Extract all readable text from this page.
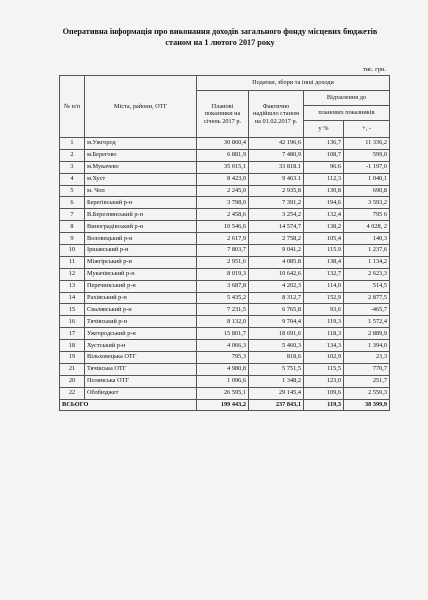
Оперативна інформація про виконання доходів загального фонду місцевих бюджетів станом на 1 лютого 2017 року
тис. грн.
№ п/п	Міста, райони, ОТГ	Податки, збори та інші доходи			
		Планові показники на січень 2017 р.	Фактично надійшло станом на 01.02.2017 р.	Відхилення до	
				планових показників	
				у %	+, -
1	м.Ужгород	30 860,4	42 196,6	136,7	11 336,2
2	м.Берегово	6 881,9	7 480,9	108,7	599,0
3	м.Мукачево	35 015,1	33 818.1	96.6	-1 197,0
4	м.Хуст	8 423,0	9 463.1	112,3	1 040,1
5	м. Чоп	2 245,0	2 935,8	130,8	690,8
6	Берегівський р-н	3 798,0	7 391,2	194,6	3 593,2
7	В.Березнянський р-н	2 458,6	3 254,2	132,4	795 6
8	Виноградівський р-н	10 546,6	14 574,7	138,2	4 028, 2
9	Воловецький р-н	2 617,9	2 758,2	105,4	140,3
10	Іршавський р-н	7 803,7	9 041,2	115.9	1 237,6
11	Міжгірський р-н	2 951,6	4 085.8	138,4	1 134,2
12	Мукачівський р-н	8 019,3	10 642,6	132,7	2 623,3
13	Перечинський р-н	3 687,8	4 202,3	114,0	514,5
14	Рахівський р-н	5 435,2	8 312,7	152,9	2 877,5
15	Свалявський р-н	7 231,5	6 765,8	93,6	-465,7
16	Тячівський р-н	8 132,0	9 704,4	119,3	1 572,4
17	Ужгородський р-н	15 801,7	18 691,6	118,3	2 889,9
18	Хустський р-н	4 066,3	5 460,3	134,3	1 394,0
19	Вільховецька ОТГ	795,3	818,6	102,9	23,3
21	Тячівська ОТГ	4 980,8	5 751,5	115,5	770,7
20	Полянська ОТГ	1 096,6	1 348,2	123,0	251,7
22	Облбюджет	26 595,1	29 145,4	109,6	2 550,3
ВСЬОГО		199 443,2	237 843,1	119,3	38 399,9
